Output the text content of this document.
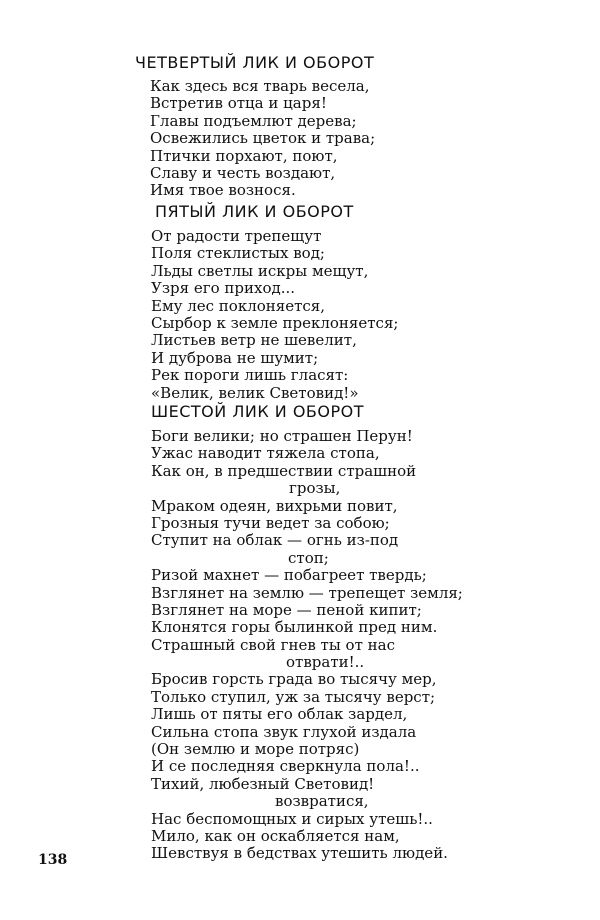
ЧЕТВЕРТЫЙ ЛИК И ОБОРОТ
Как здесь вся тварь весела,
Встретив отца и царя!
Главы подъемлют дерева;
Освежились цветок и трава;
Птички порхают, поют,
Славу и честь воздают,
Имя твое вознося.
ПЯТЫЙ ЛИК И ОБОРОТ
От радости трепещут
Поля стеклистых вод;
Льды светлы искры мещут,
Узря его приход...
Ему лес поклоняется,
Сырбор к земле преклоняется;
Листьев ветр не шевелит,
И дуброва не шумит;
Рек пороги лишь гласят:
«Велик, велик Световид!»
ШЕСТОЙ ЛИК И ОБОРОТ
Боги велики; но страшен Перун!
Ужас наводит тяжела стопа,
Как он, в предшествии страшной
грозы,
Мраком одеян, вихрьми повит,
Грозныя тучи ведет за собою;
Ступит на облак — огнь из-под
стоп;
Ризой махнет — побагреет твердь;
Взглянет на землю — трепещет земля;
Взглянет на море — пеной кипит;
Клонятся горы былинкой пред ним.
Страшный свой гнев ты от нас
отврати!..
Бросив горсть града во тысячу мер,
Только ступил, уж за тысячу верст;
Лишь от пяты его облак зардел,
Сильна стопа звук глухой издала
(Он землю и море потряс)
И се последняя сверкнула пола!..
Тихий, любезный Световид!
возвратися,
Нас беспомощных и сирых утешь!..
Мило, как он оскабляется нам,
Шевствуя в бедствах утешить людей.

138
